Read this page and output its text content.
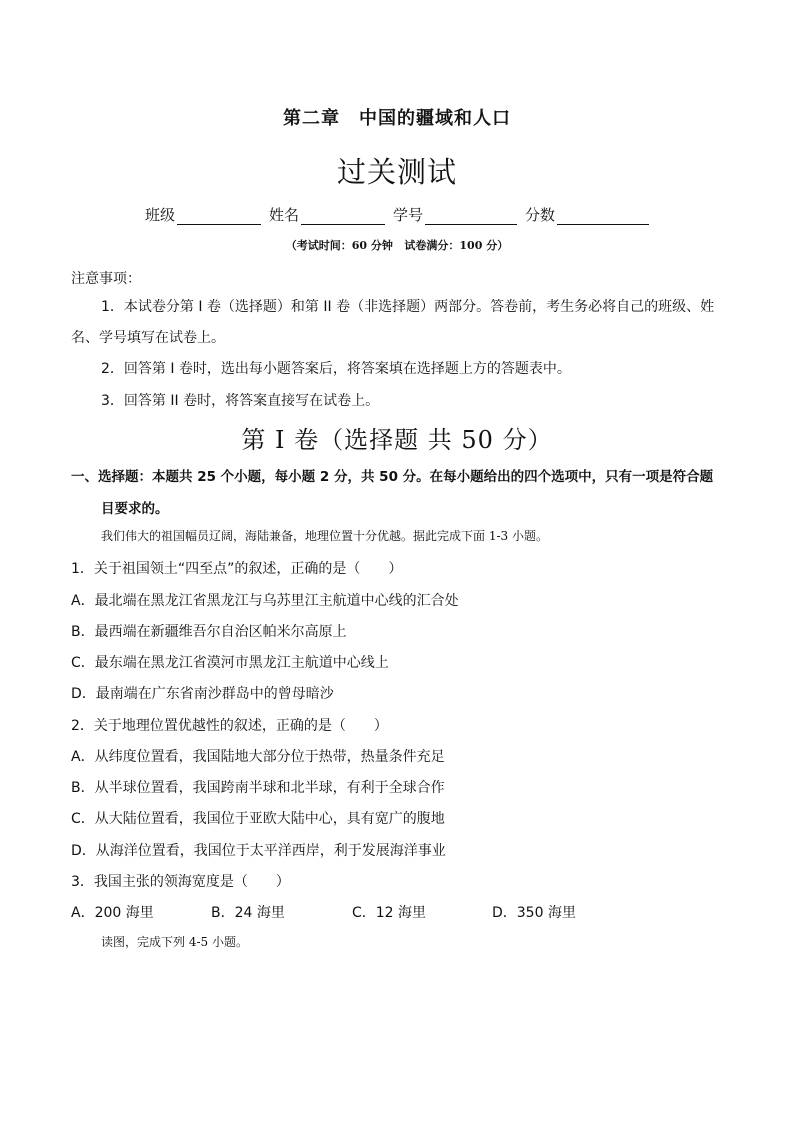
第二章　中国的疆域和人口
过关测试
班级	姓名	学号	分数
（考试时间：60 分钟   试卷满分：100 分）
注意事项：
1．本试卷分第 I 卷（选择题）和第 II 卷（非选择题）两部分。答卷前，考生务必将自己的班级、姓名、学号填写在试卷上。
2．回答第 I 卷时，选出每小题答案后，将答案填在选择题上方的答题表中。
3．回答第 II 卷时，将答案直接写在试卷上。
第 I 卷（选择题 共 50 分）
一、选择题：本题共 25 个小题，每小题 2 分，共 50 分。在每小题给出的四个选项中，只有一项是符合题
目要求的。
我们伟大的祖国幅员辽阔，海陆兼备，地理位置十分优越。据此完成下面 1-3 小题。
1．关于祖国领土“四至点”的叙述，正确的是（　　）
A．最北端在黑龙江省黑龙江与乌苏里江主航道中心线的汇合处
B．最西端在新疆维吾尔自治区帕米尔高原上
C．最东端在黑龙江省漠河市黑龙江主航道中心线上
D．最南端在广东省南沙群岛中的曾母暗沙
2．关于地理位置优越性的叙述，正确的是（　　）
A．从纬度位置看，我国陆地大部分位于热带，热量条件充足
B．从半球位置看，我国跨南半球和北半球，有利于全球合作
C．从大陆位置看，我国位于亚欧大陆中心，具有宽广的腹地
D．从海洋位置看，我国位于太平洋西岸，利于发展海洋事业
3．我国主张的领海宽度是（　　）
A．200 海里	B．24 海里	C．12 海里	D．350 海里
读图，完成下列 4-5 小题。
